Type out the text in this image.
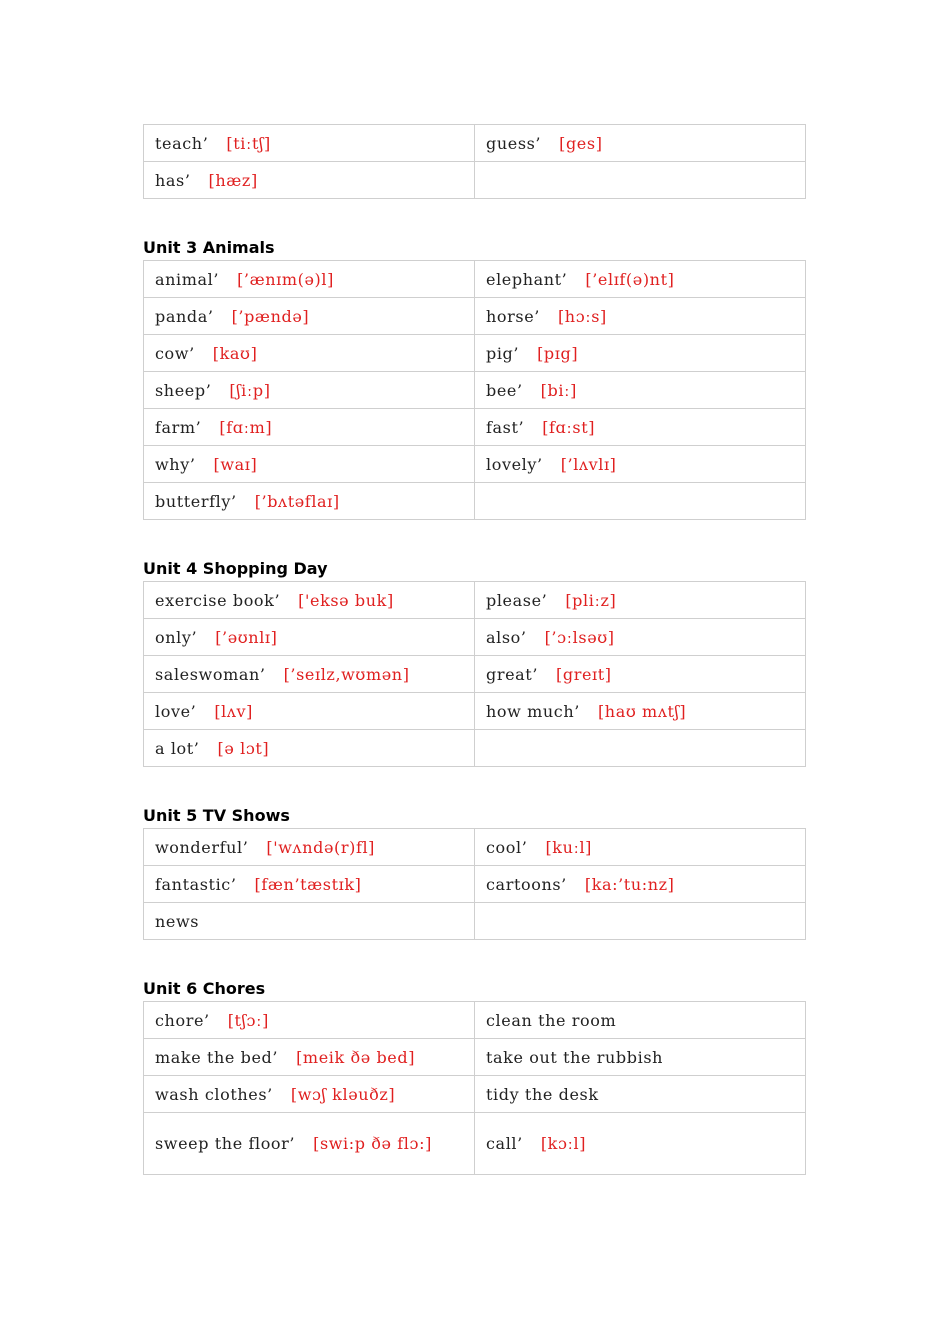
teach’ [tiːtʃ]	guess’ [ges]
has’ [hæz]	
Unit 3 Animals
animal’ [’ænɪm(ə)l]	elephant’ [’elɪf(ə)nt]
panda’ [’pændə]	horse’ [hɔːs]
cow’ [kaʊ]	pig’ [pɪg]
sheep’ [ʃiːp]	bee’ [biː]
farm’ [fɑːm]	fast’ [fɑːst]
why’ [waɪ]	lovely’ [’lʌvlɪ]
butterfly’ [’bʌtəflaɪ]	
Unit 4 Shopping Day
exercise book’ ['eksə buk]	please’ [pliːz]
only’ [’əʊnlɪ]	also’ [’ɔːlsəʊ]
saleswoman’ [’seɪlz,wʊmən]	great’ [greɪt]
love’ [lʌv]	how much’ [haʊ mʌtʃ]
a lot’ [ə lɔt]	
Unit 5 TV Shows
wonderful’ ['wʌndə(r)fl]	cool’ [kuːl]
fantastic’ [fæn’tæstɪk]	cartoons’ [ka:’tu:nz]
news	
Unit 6 Chores
chore’ [tʃɔː]	clean the room
make the bed’ [meik ðə bed]	take out the rubbish
wash clothes’ [wɔʃ kləuðz]	tidy the desk
sweep the floor’ [swi:p ðə flɔ:]	call’ [kɔːl]
